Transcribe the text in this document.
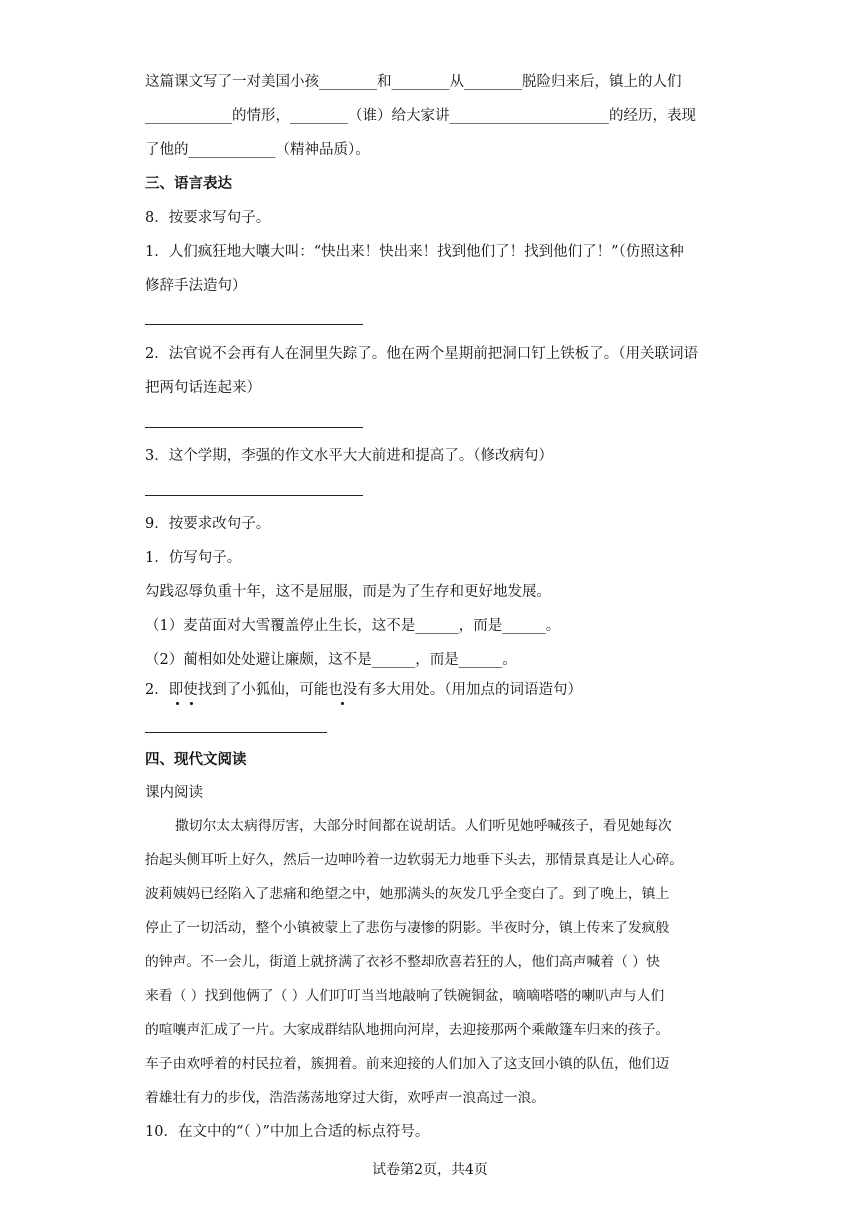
这篇课文写了一对美国小孩________和________从________脱险归来后，镇上的人们
____________的情形，________（谁）给大家讲______________________的经历，表现
了他的____________（精神品质）。
三、语言表达
8．按要求写句子。
1．人们疯狂地大嚷大叫：“快出来！快出来！找到他们了！找到他们了！”（仿照这种
修辞手法造句）
2．法官说不会再有人在洞里失踪了。他在两个星期前把洞口钉上铁板了。（用关联词语
把两句话连起来）
3．这个学期，李强的作文水平大大前进和提高了。（修改病句）
9．按要求改句子。
1．仿写句子。
勾践忍辱负重十年，这不是屈服，而是为了生存和更好地发展。
（1）麦苗面对大雪覆盖停止生长，这不是______，而是______。
（2）蔺相如处处避让廉颇，这不是______，而是______。
2．即使找到了小狐仙，可能也没有多大用处。（用加点的词语造句）
四、现代文阅读
课内阅读
撒切尔太太病得厉害，大部分时间都在说胡话。人们听见她呼喊孩子，看见她每次
抬起头侧耳听上好久，然后一边呻吟着一边软弱无力地垂下头去，那情景真是让人心碎。
波莉姨妈已经陷入了悲痛和绝望之中，她那满头的灰发几乎全变白了。到了晚上，镇上
停止了一切活动，整个小镇被蒙上了悲伤与凄惨的阴影。半夜时分，镇上传来了发疯般
的钟声。不一会儿，街道上就挤满了衣衫不整却欣喜若狂的人，他们高声喊着（ ）快
来看（ ）找到他俩了（ ）人们叮叮当当地敲响了铁碗铜盆，嘀嘀嗒嗒的喇叭声与人们
的喧嚷声汇成了一片。大家成群结队地拥向河岸，去迎接那两个乘敞篷车归来的孩子。
车子由欢呼着的村民拉着，簇拥着。前来迎接的人们加入了这支回小镇的队伍，他们迈
着雄壮有力的步伐，浩浩荡荡地穿过大街，欢呼声一浪高过一浪。
10．在文中的“（ ）”中加上合适的标点符号。
试卷第2页，共4页
